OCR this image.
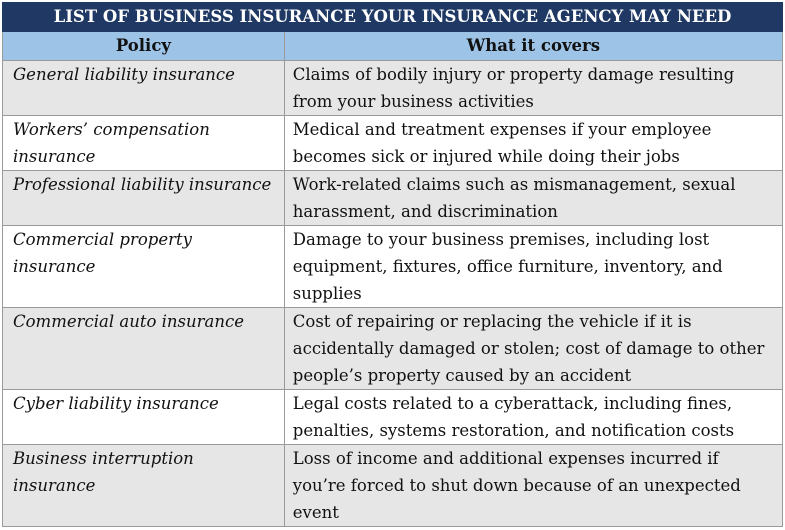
LIST OF BUSINESS INSURANCE YOUR INSURANCE AGENCY MAY NEED	
Policy	What it covers
General liability insurance	Claims of bodily injury or property damage resulting from your business activities
Workers’ compensation insurance	Medical and treatment expenses if your employee becomes sick or injured while doing their jobs
Professional liability insurance	Work-related claims such as mismanagement, sexual harassment, and discrimination
Commercial property insurance	Damage to your business premises, including lost equipment, fixtures, office furniture, inventory, and supplies
Commercial auto insurance	Cost of repairing or replacing the vehicle if it is accidentally damaged or stolen; cost of damage to other people’s property caused by an accident
Cyber liability insurance	Legal costs related to a cyberattack, including fines, penalties, systems restoration, and notification costs
Business interruption insurance	Loss of income and additional expenses incurred if you’re forced to shut down because of an unexpected event
